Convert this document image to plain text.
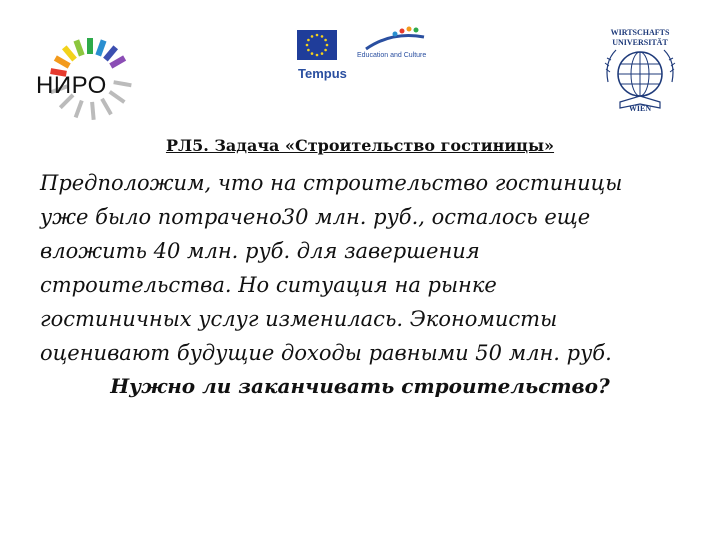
НИРО
Education and Culture
Tempus
WIRTSCHAFTS
UNIVERSITÄT
WIEN
РЛ5. Задача «Строительство гостиницы»
Предположим, что на строительство гостиницы
уже было потрачено30 млн. руб., осталось еще
вложить 40 млн. руб. для завершения
строительства. Но ситуация на рынке
гостиничных услуг изменилась. Экономисты
оценивают будущие доходы равными 50 млн. руб.
Нужно ли заканчивать строительство?
